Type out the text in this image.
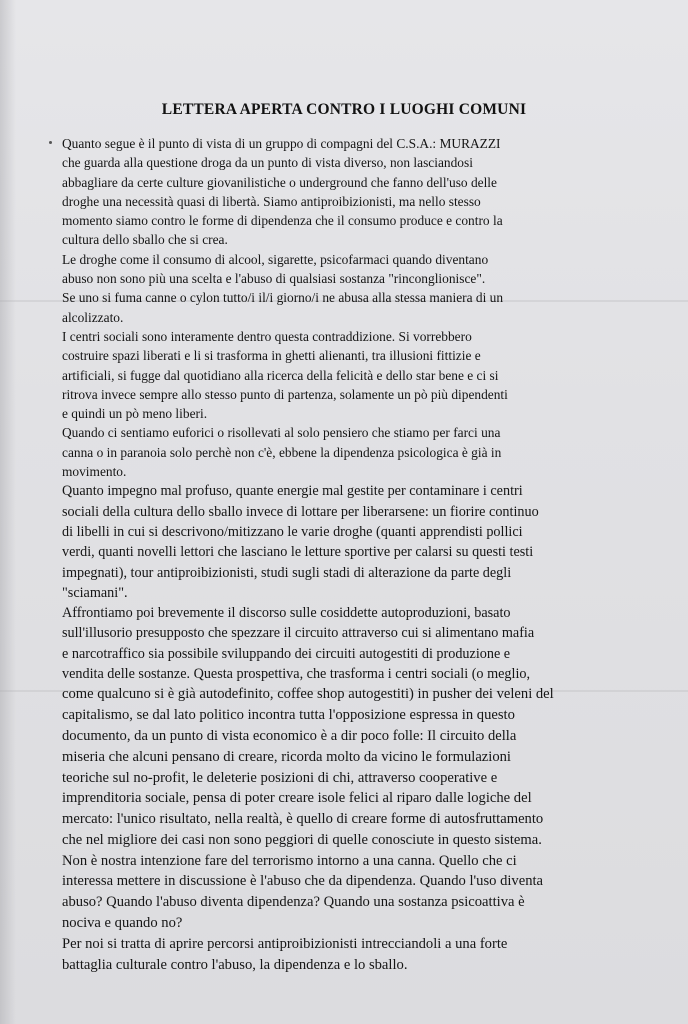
LETTERA APERTA CONTRO I LUOGHI COMUNI
Quanto segue è il punto di vista di un gruppo di compagni del C.S.A.: MURAZZI
che guarda alla questione droga da un punto di vista diverso, non lasciandosi
abbagliare da certe culture giovanilistiche o underground che fanno dell'uso delle
droghe una necessità quasi di libertà. Siamo antiproibizionisti, ma nello stesso
momento siamo contro le forme di dipendenza che il consumo produce e contro la
cultura dello sballo che si crea.
Le droghe come il consumo di alcool, sigarette, psicofarmaci quando diventano
abuso non sono più una scelta e l'abuso di qualsiasi sostanza "rinconglionisce".
Se uno si fuma canne o cylon tutto/i il/i giorno/i ne abusa alla stessa maniera di un
alcolizzato.
I centri sociali sono interamente dentro questa contraddizione. Si vorrebbero
costruire spazi liberati e li si trasforma in ghetti alienanti, tra illusioni fittizie e
artificiali, si fugge dal quotidiano alla ricerca della felicità e dello star bene e ci si
ritrova invece sempre allo stesso punto di partenza, solamente un pò più dipendenti
e quindi un pò meno liberi.
Quando ci sentiamo euforici o risollevati al solo pensiero che stiamo per farci una
canna o in paranoia solo perchè non c'è, ebbene la dipendenza psicologica è già in
movimento.
Quanto impegno mal profuso, quante energie mal gestite per contaminare i centri
sociali della cultura dello sballo invece di lottare per liberarsene: un fiorire continuo
di libelli in cui si descrivono/mitizzano le varie droghe (quanti apprendisti pollici
verdi, quanti novelli lettori che lasciano le letture sportive per calarsi su questi testi
impegnati), tour antiproibizionisti, studi sugli stadi di alterazione da parte degli
"sciamani".
Affrontiamo poi brevemente il discorso sulle cosiddette autoproduzioni, basato
sull'illusorio presupposto che spezzare il circuito attraverso cui si alimentano mafia
e narcotraffico sia possibile sviluppando dei circuiti autogestiti di produzione e
vendita delle sostanze. Questa prospettiva, che trasforma i centri sociali (o meglio,
come qualcuno si è già autodefinito, coffee shop autogestiti) in pusher dei veleni del
capitalismo, se dal lato politico incontra tutta l'opposizione espressa in questo
documento, da un punto di vista economico è a dir poco folle: Il circuito della
miseria che alcuni pensano di creare, ricorda molto da vicino le formulazioni
teoriche sul no-profit, le deleterie posizioni di chi, attraverso cooperative e
imprenditoria sociale, pensa di poter creare isole felici al riparo dalle logiche del
mercato: l'unico risultato, nella realtà, è quello di creare forme di autosfruttamento
che nel migliore dei casi non sono peggiori di quelle conosciute in questo sistema.
Non è nostra intenzione fare del terrorismo intorno a una canna. Quello che ci
interessa mettere in discussione è l'abuso che da dipendenza. Quando l'uso diventa
abuso? Quando l'abuso diventa dipendenza? Quando una sostanza psicoattiva è
nociva e quando no?
Per noi si tratta di aprire percorsi antiproibizionisti intrecciandoli a una forte
battaglia culturale contro l'abuso, la dipendenza e lo sballo.
